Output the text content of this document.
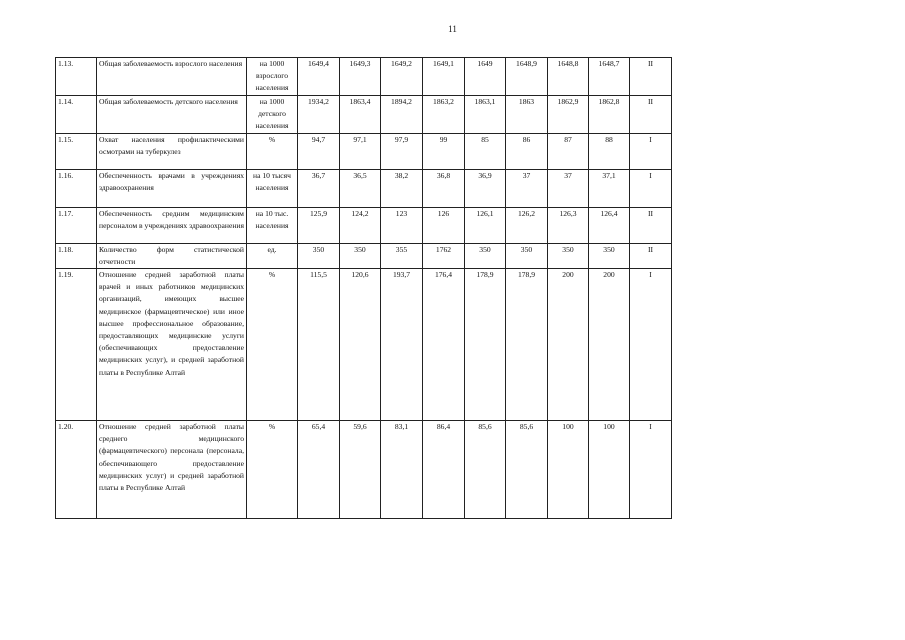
11
1.13.	Общая заболеваемость взрослого населения	на 1000 взрослого населения	1649,4	1649,3	1649,2	1649,1	1649	1648,9	1648,8	1648,7	II
1.14.	Общая заболеваемость детского населения	на 1000 детского населения	1934,2	1863,4	1894,2	1863,2	1863,1	1863	1862,9	1862,8	II
1.15.	Охват населения профилактическими осмотрами на туберкулез	%	94,7	97,1	97,9	99	85	86	87	88	I
1.16.	Обеспеченность врачами в учреждениях здравоохранения	на 10 тысяч населения	36,7	36,5	38,2	36,8	36,9	37	37	37,1	I
1.17.	Обеспеченность средним медицинским персоналом в учреждениях здравоохранения	на 10 тыс. населения	125,9	124,2	123	126	126,1	126,2	126,3	126,4	II
1.18.	Количество форм статистической отчетности	ед.	350	350	355	1762	350	350	350	350	II
1.19.	Отношение средней заработной платы врачей и иных работников медицинских организаций, имеющих высшее медицинское (фармацевтическое) или иное высшее профессиональное образование, предоставляющих медицинские услуги (обеспечивающих предоставление медицинских услуг), и средней заработной платы в Республике Алтай	%	115,5	120,6	193,7	176,4	178,9	178,9	200	200	I
1.20.	Отношение средней заработной платы среднего медицинского (фармацевтического) персонала (персонала, обеспечивающего предоставление медицинских услуг) и средней заработной платы в Республике Алтай	%	65,4	59,6	83,1	86,4	85,6	85,6	100	100	I
